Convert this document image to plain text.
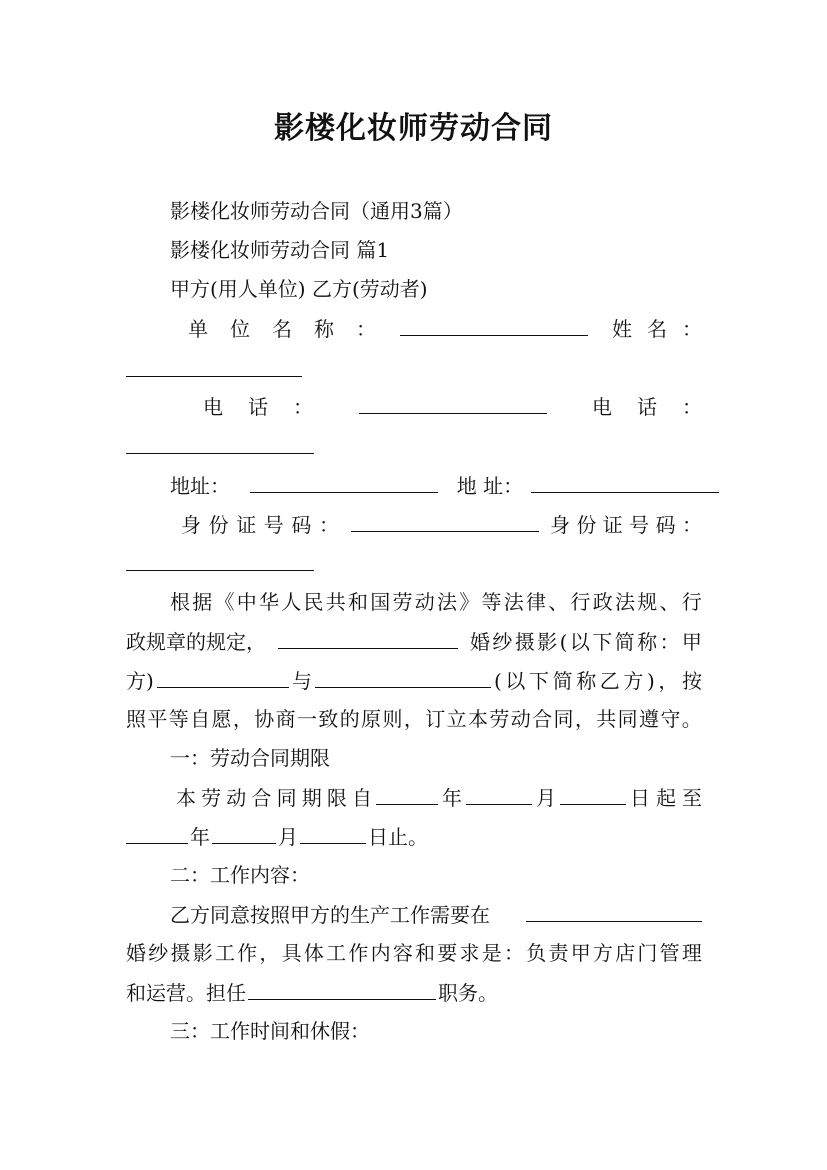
影楼化妆师劳动合同
影楼化妆师劳动合同（通用3篇）
影楼化妆师劳动合同 篇1
甲方(用人单位) 乙方(劳动者)
单 位 名 称 ：	姓 名 ：
电 话 ：	电 话 ：
地址：	地 址：
身 份 证 号 码 ：	身 份 证 号 码 ：
根 据 《 中 华 人 民 共 和 国 劳 动 法 》 等 法 律 、 行 政 法 规 、 行
政规章的规定，	婚 纱 摄 影 ( 以 下 简 称 ： 甲
方)	与	( 以 下 简 称 乙 方 ) ， 按
照 平 等 自 愿 ， 协 商 一 致 的 原 则 ， 订 立 本 劳 动 合 同 ， 共 同 遵 守 。
一：劳动合同期限
本 劳 动 合 同 期 限 自	年	月	日 起 至
年	月	日止。
二：工作内容：
乙方同意按照甲方的生产工作需要在
婚 纱 摄 影 工 作 ， 具 体 工 作 内 容 和 要 求 是 ： 负 责 甲 方 店 门 管 理
和运营。担任	职务。
三：工作时间和休假：
